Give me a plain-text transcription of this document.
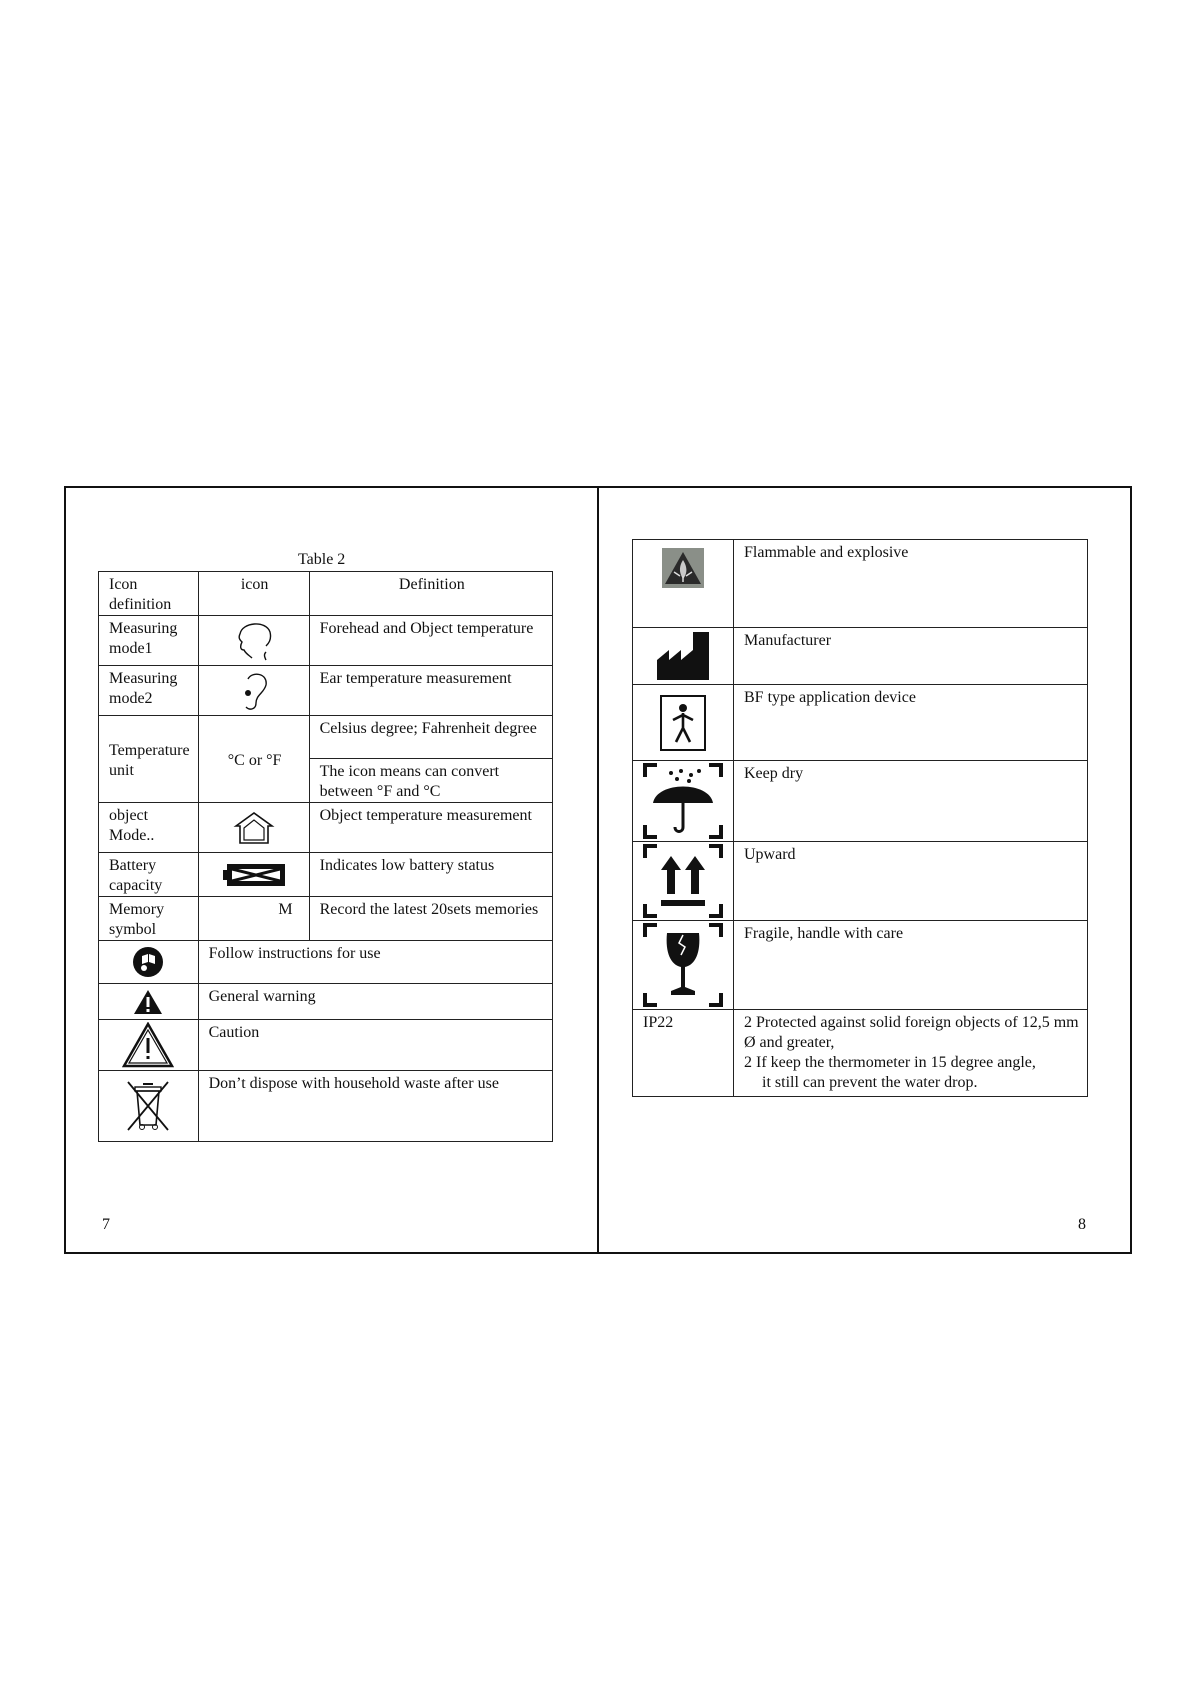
Table 2
Icon definition	icon	Definition
Measuring mode1		Forehead and Object temperature
Measuring mode2		Ear temperature measurement
Temperature unit	°C or °F	Celsius degree; Fahrenheit degree
		The icon means can convert between °F and °C
object Mode..		Object temperature measurement
Battery capacity		Indicates low battery status
Memory symbol	M	Record the latest 20sets memories

	Follow instructions for use	

	General warning	

	Caution	

	Don’t dispose with household waste after use	
7
	Flammable and explosive

	Manufacturer

	BF type application device

	Keep dry

	Upward

	Fragile, handle with care
IP22	2 Protected against solid foreign objects of 12,5 mm Ø and greater,
2 If keep the thermometer in 15 degree angle,
it still can prevent the water drop.
8
